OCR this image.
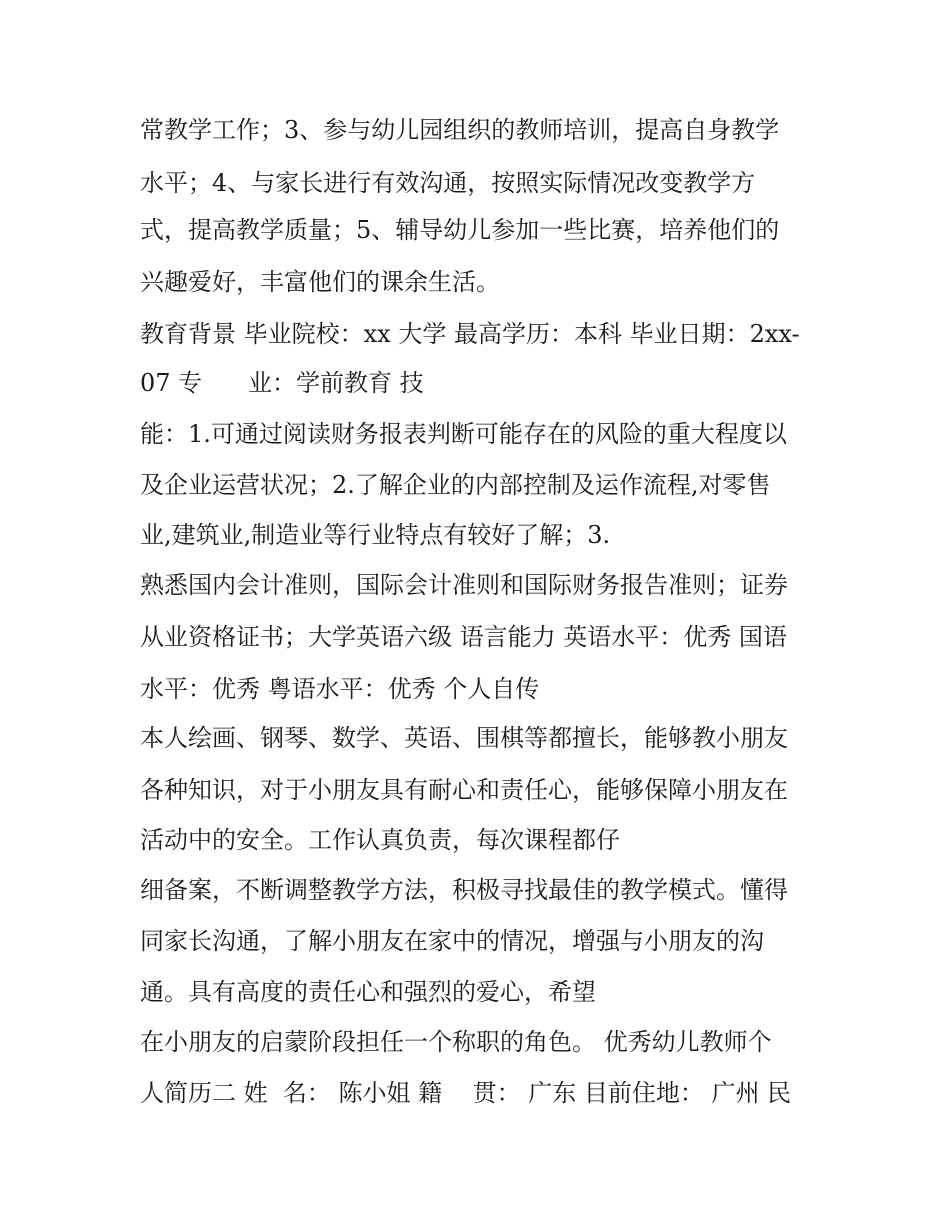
常教学工作；3、参与幼儿园组织的教师培训，提高自身教学

水平；4、与家长进行有效沟通，按照实际情况改变教学方

式，提高教学质量；5、辅导幼儿参加一些比赛，培养他们的

兴趣爱好，丰富他们的课余生活。

教育背景 毕业院校：xx 大学 最高学历：本科 毕业日期：2xx-

07 专      业：学前教育 技

能：1.可通过阅读财务报表判断可能存在的风险的重大程度以

及企业运营状况；2.了解企业的内部控制及运作流程,对零售

业,建筑业,制造业等行业特点有较好了解；3.

熟悉国内会计准则，国际会计准则和国际财务报告准则；证券

从业资格证书；大学英语六级 语言能力 英语水平：优秀 国语

水平：优秀 粤语水平：优秀 个人自传

本人绘画、钢琴、数学、英语、围棋等都擅长，能够教小朋友

各种知识，对于小朋友具有耐心和责任心，能够保障小朋友在

活动中的安全。工作认真负责，每次课程都仔

细备案，不断调整教学方法，积极寻找最佳的教学模式。懂得

同家长沟通，了解小朋友在家中的情况，增强与小朋友的沟

通。具有高度的责任心和强烈的爱心，希望

在小朋友的启蒙阶段担任一个称职的角色。 优秀幼儿教师个

人简历二 姓  名： 陈小姐 籍    贯： 广东 目前住地： 广州 民
